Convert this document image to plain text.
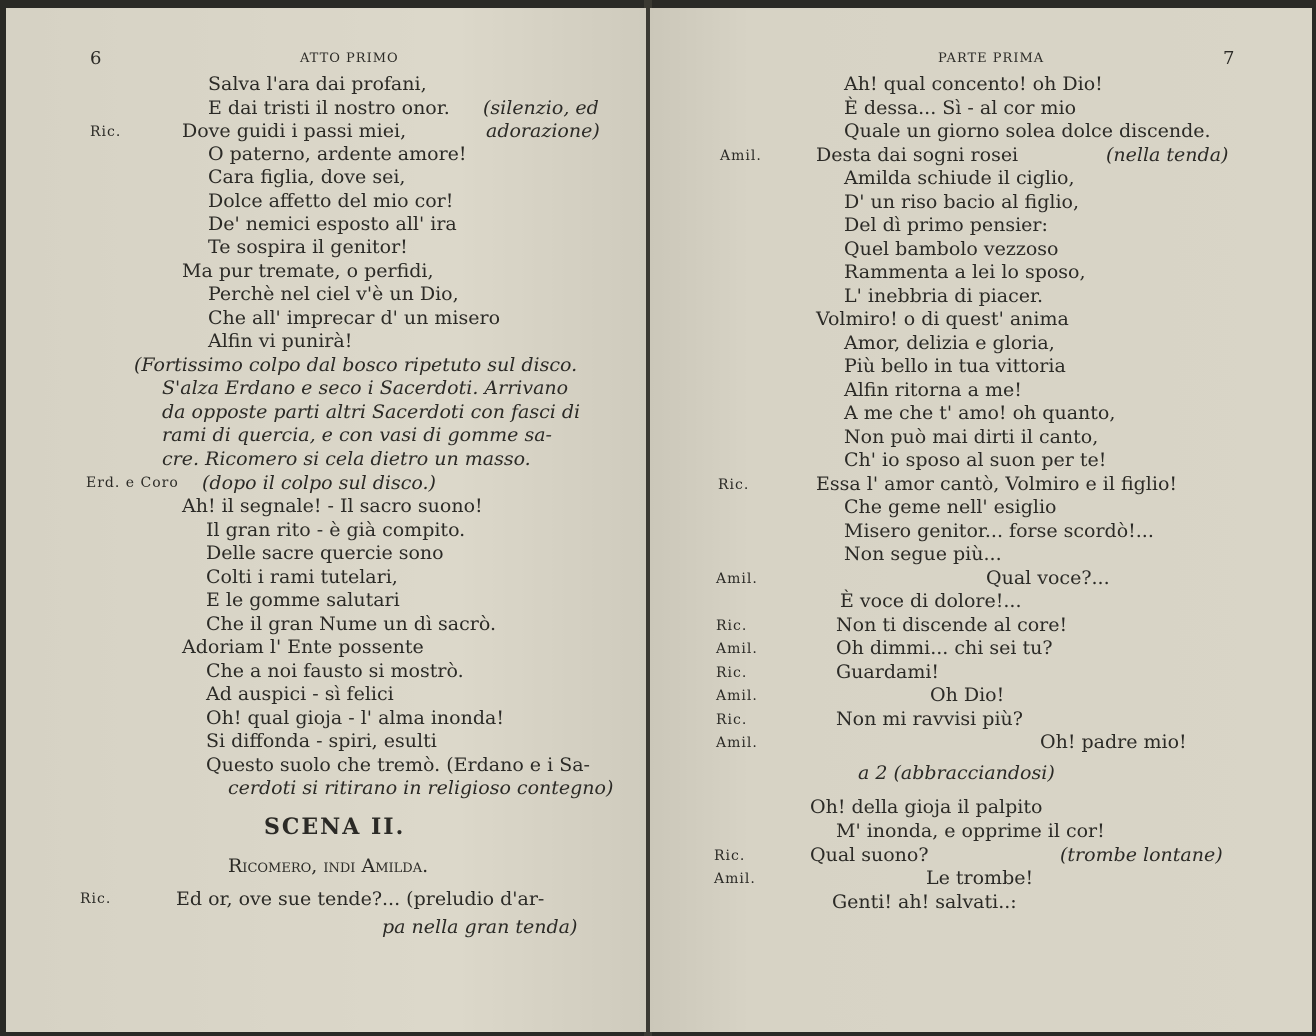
6	ATTO PRIMO
Salva l'ara dai profani,
E dai tristi il nostro onor. (silenzio, ed
Ric.	Dove guidi i passi miei,	adorazione)
O paterno, ardente amore!
Cara figlia, dove sei,
Dolce affetto del mio cor!
De' nemici esposto all' ira
Te sospira il genitor!
Ma pur tremate, o perfidi,
Perchè nel ciel v'è un Dio,
Che all' imprecar d' un misero
Alfin vi punirà!
(Fortissimo colpo dal bosco ripetuto sul disco.
S'alza Erdano e seco i Sacerdoti. Arrivano
da opposte parti altri Sacerdoti con fasci di
rami di quercia, e con vasi di gomme sa-
cre. Ricomero si cela dietro un masso.
Erd. e Coro (dopo il colpo sul disco.)
Ah! il segnale! - Il sacro suono!
Il gran rito - è già compito.
Delle sacre quercie sono
Colti i rami tutelari,
E le gomme salutari
Che il gran Nume un dì sacrò.
Adoriam l' Ente possente
Che a noi fausto si mostrò.
Ad auspici - sì felici
Oh! qual gioja - l' alma inonda!
Si diffonda - spiri, esulti
Questo suolo che tremò. (Erdano e i Sa-
cerdoti si ritirano in religioso contegno)
SCENA II.
Ricomero, indi Amilda.
Ric.	Ed or, ove sue tende?... (preludio d'ar-
pa nella gran tenda)
PARTE PRIMA	7
Ah! qual concento! oh Dio!
È dessa... Sì - al cor mio
Quale un giorno solea dolce discende.
Amil.	Desta dai sogni rosei	(nella tenda)
Amilda schiude il ciglio,
D' un riso bacio al figlio,
Del dì primo pensier:
Quel bambolo vezzoso
Rammenta a lei lo sposo,
L' inebbria di piacer.
Volmiro! o di quest' anima
Amor, delizia e gloria,
Più bello in tua vittoria
Alfin ritorna a me!
A me che t' amo! oh quanto,
Non può mai dirti il canto,
Ch' io sposo al suon per te!
Ric.	Essa l' amor cantò, Volmiro e il figlio!
Che geme nell' esiglio
Misero genitor... forse scordò!...
Non segue più...
Amil.	Qual voce?...
È voce di dolore!...
Ric.	Non ti discende al core!
Amil.	Oh dimmi... chi sei tu?
Ric.	Guardami!
Amil.	Oh Dio!
Ric.	Non mi ravvisi più?
Amil.	Oh! padre mio!
a 2 (abbracciandosi)
Oh! della gioja il palpito
M' inonda, e opprime il cor!
Ric.	Qual suono?	(trombe lontane)
Amil.	Le trombe!
Genti! ah! salvati..:
